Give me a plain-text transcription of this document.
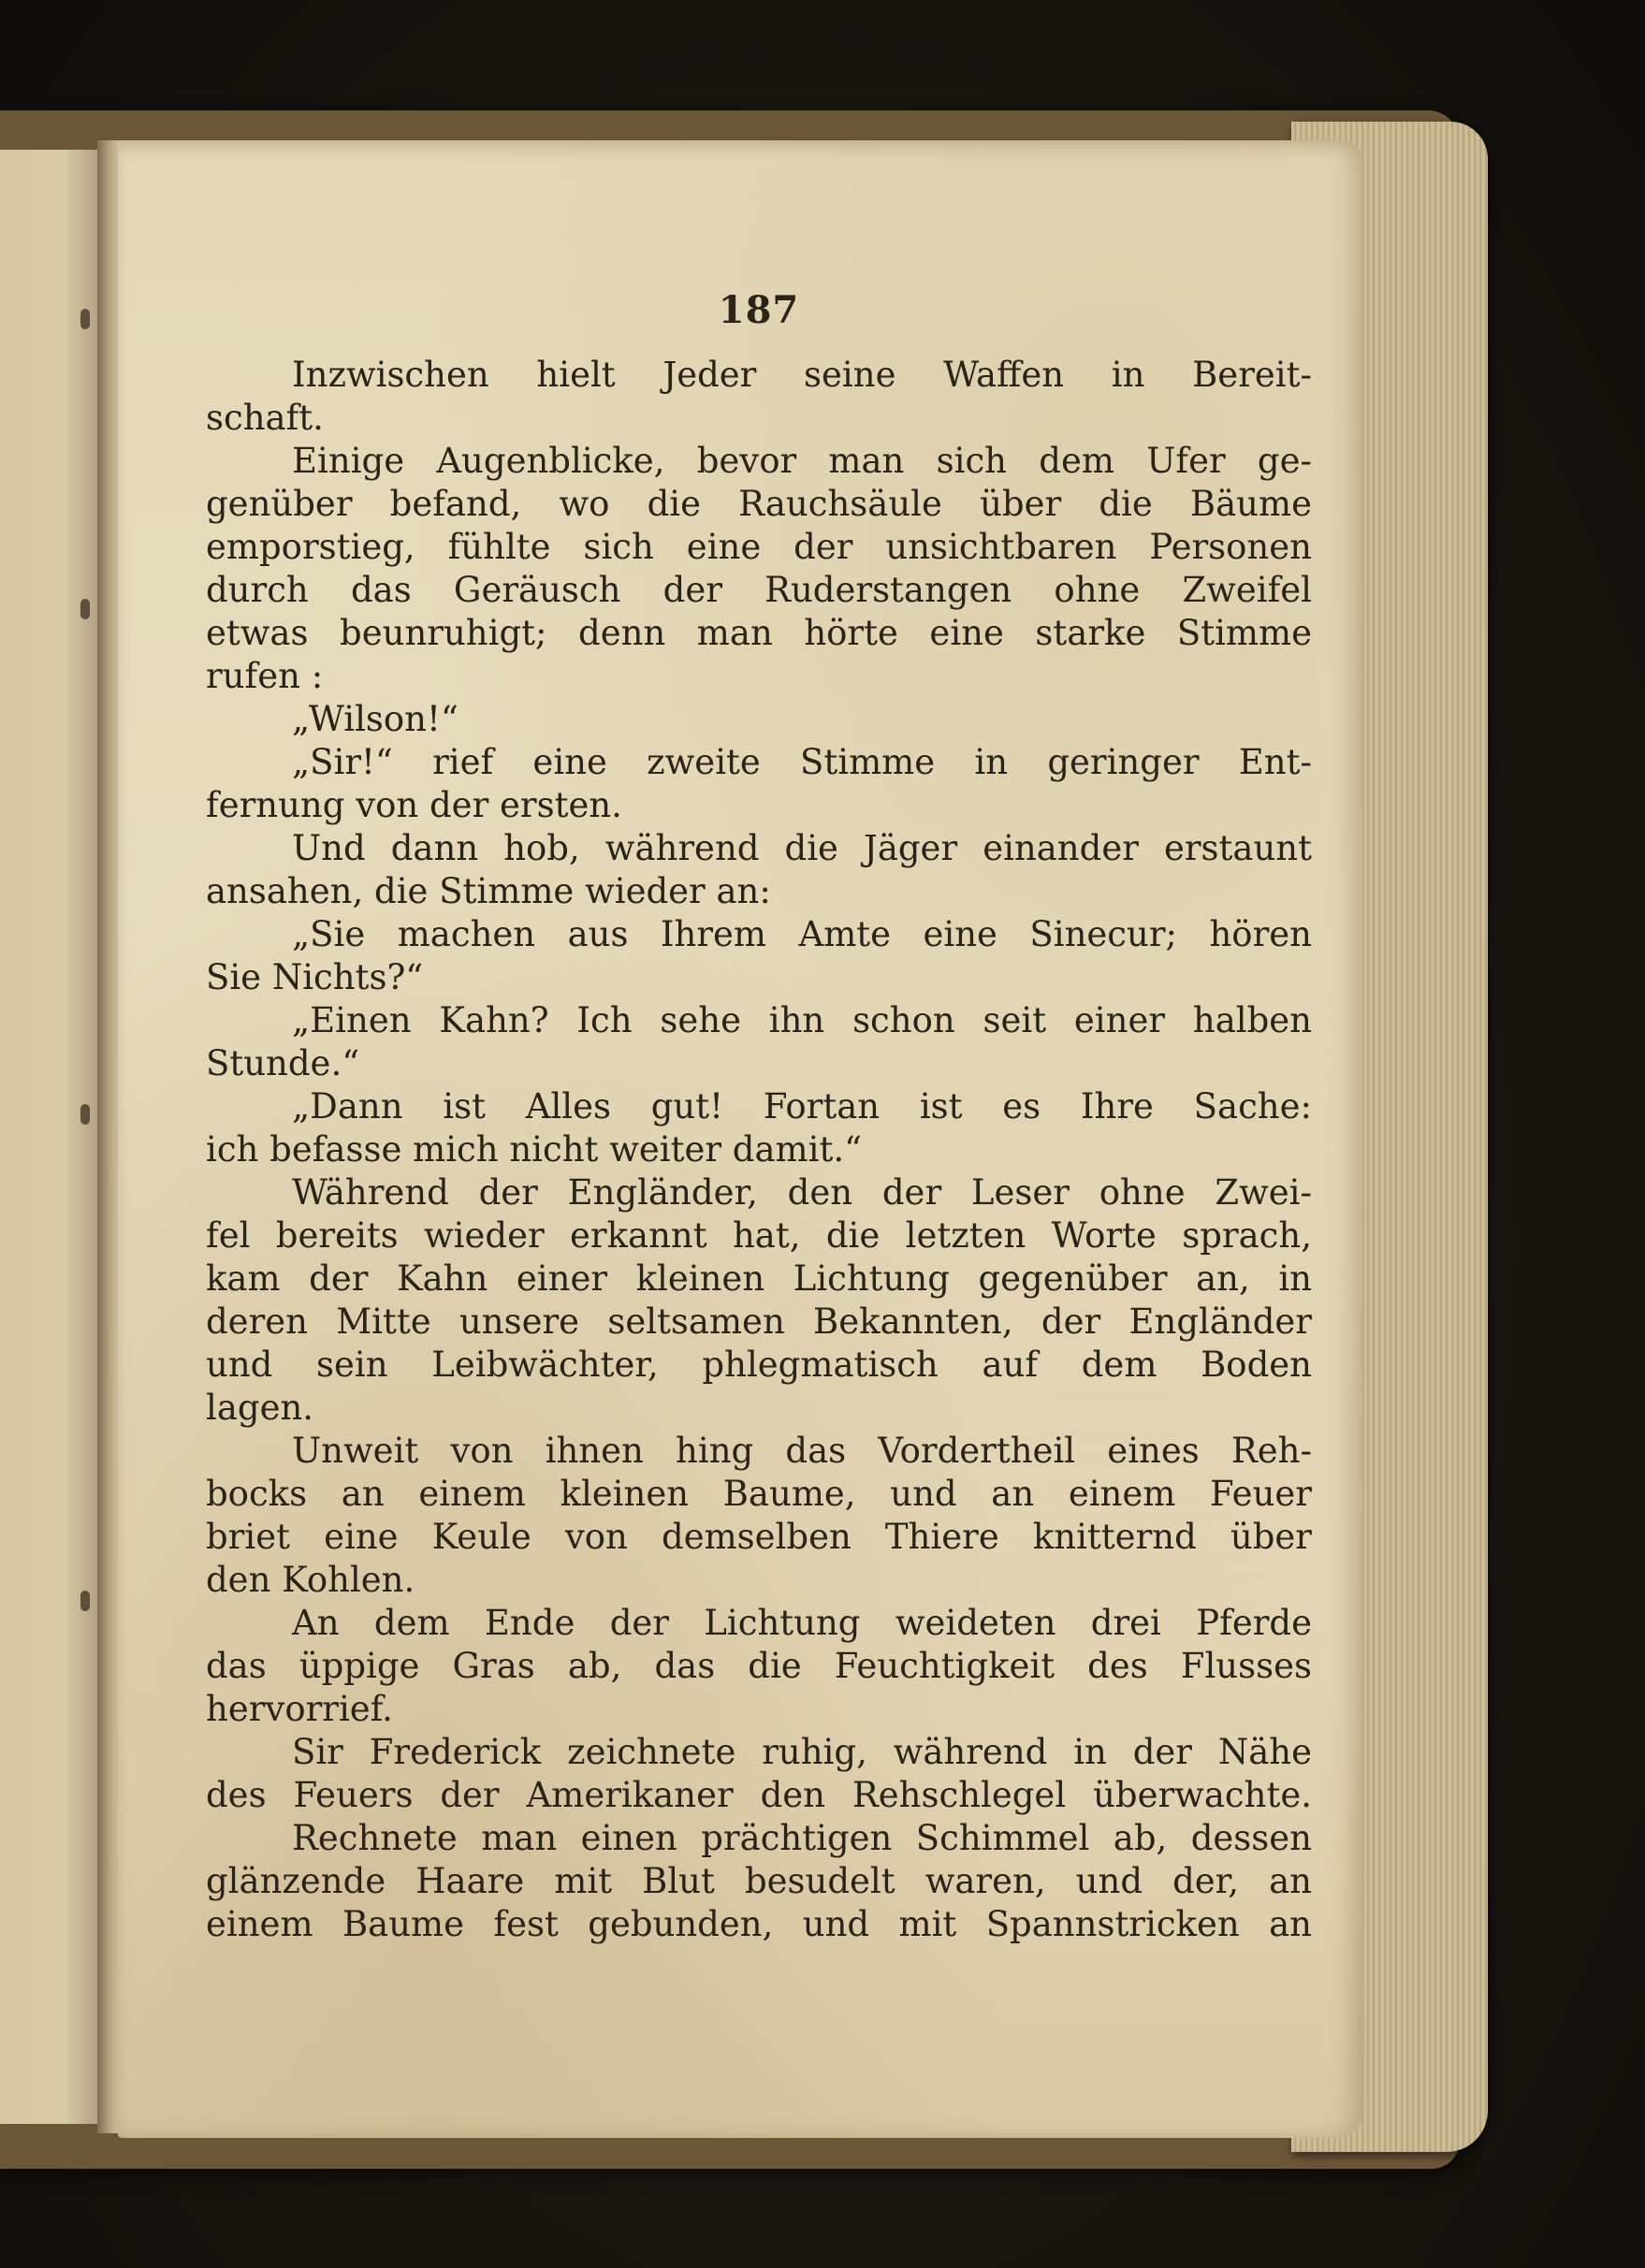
187

Inzwischen hielt Jeder seine Waffen in Bereit-
schaft.
Einige Augenblicke, bevor man sich dem Ufer ge-
genüber befand, wo die Rauchsäule über die Bäume
emporstieg, fühlte sich eine der unsichtbaren Personen
durch das Geräusch der Ruderstangen ohne Zweifel
etwas beunruhigt; denn man hörte eine starke Stimme
rufen :
„Wilson!“
„Sir!“ rief eine zweite Stimme in geringer Ent-
fernung von der ersten.
Und dann hob, während die Jäger einander erstaunt
ansahen, die Stimme wieder an:
„Sie machen aus Ihrem Amte eine Sinecur; hören
Sie Nichts?“
„Einen Kahn? Ich sehe ihn schon seit einer halben
Stunde.“
„Dann ist Alles gut! Fortan ist es Ihre Sache:
ich befasse mich nicht weiter damit.“
Während der Engländer, den der Leser ohne Zwei-
fel bereits wieder erkannt hat, die letzten Worte sprach,
kam der Kahn einer kleinen Lichtung gegenüber an, in
deren Mitte unsere seltsamen Bekannten, der Engländer
und sein Leibwächter, phlegmatisch auf dem Boden
lagen.
Unweit von ihnen hing das Vordertheil eines Reh-
bocks an einem kleinen Baume, und an einem Feuer
briet eine Keule von demselben Thiere knitternd über
den Kohlen.
An dem Ende der Lichtung weideten drei Pferde
das üppige Gras ab, das die Feuchtigkeit des Flusses
hervorrief.
Sir Frederick zeichnete ruhig, während in der Nähe
des Feuers der Amerikaner den Rehschlegel überwachte.
Rechnete man einen prächtigen Schimmel ab, dessen
glänzende Haare mit Blut besudelt waren, und der, an
einem Baume fest gebunden, und mit Spannstricken an
